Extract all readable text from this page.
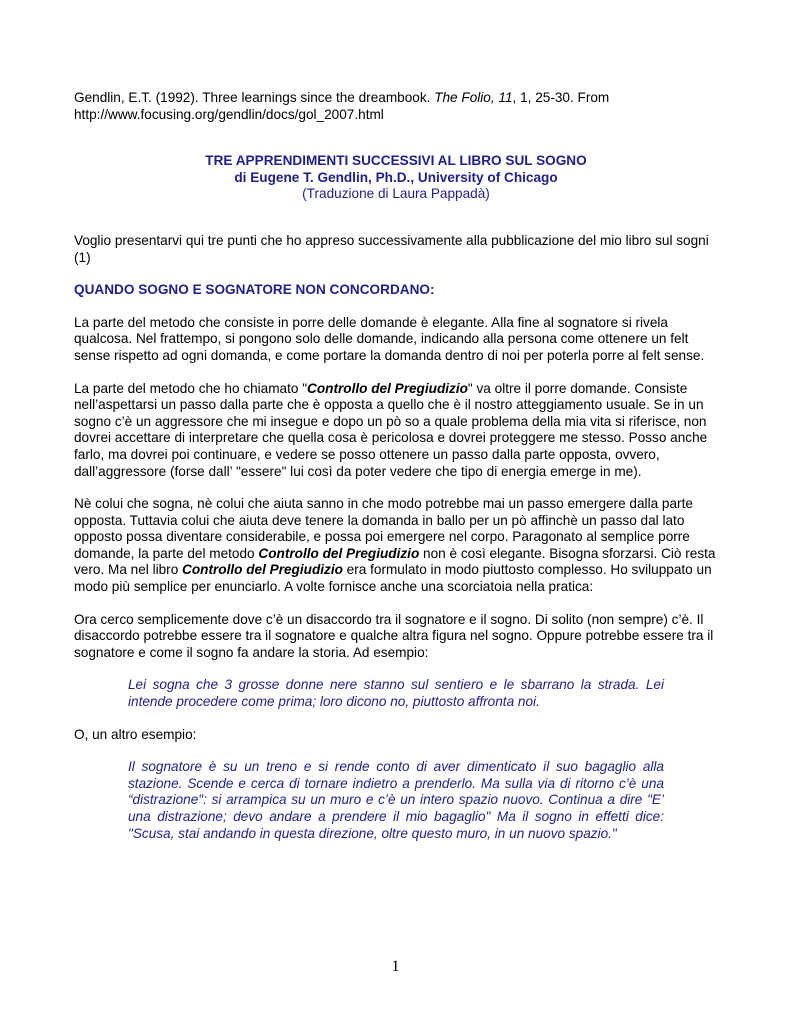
Gendlin, E.T. (1992). Three learnings since the dreambook. The Folio, 11, 1, 25-30. From http://www.focusing.org/gendlin/docs/gol_2007.html

TRE APPRENDIMENTI SUCCESSIVI AL LIBRO SUL SOGNO

di Eugene T. Gendlin, Ph.D., University of Chicago

(Traduzione di Laura Pappadà)

Voglio presentarvi qui tre punti che ho appreso successivamente alla pubblicazione del mio libro sul sogni (1)

QUANDO SOGNO E SOGNATORE NON CONCORDANO:

La parte del metodo che consiste in porre delle domande è elegante. Alla fine al sognatore si rivela qualcosa. Nel frattempo, si pongono solo delle domande, indicando alla persona come ottenere un felt sense rispetto ad ogni domanda, e come portare la domanda dentro di noi per poterla porre al felt sense.

La parte del metodo che ho chiamato "Controllo del Pregiudizio" va oltre il porre domande. Consiste nell’aspettarsi un passo dalla parte che è opposta a quello che è il nostro atteggiamento usuale. Se in un sogno c’è un aggressore che mi insegue e dopo un pò so a quale problema della mia vita si riferisce, non dovrei accettare di interpretare che quella cosa è pericolosa e dovrei proteggere me stesso. Posso anche farlo, ma dovrei poi continuare, e vedere se posso ottenere un passo dalla parte opposta, ovvero, dall’aggressore (forse dall’ "essere" lui così da poter vedere che tipo di energia emerge in me).

Nè colui che sogna, nè colui che aiuta sanno in che modo potrebbe mai un passo emergere dalla parte opposta. Tuttavia colui che aiuta deve tenere la domanda in ballo per un pò affinchè un passo dal lato opposto possa diventare considerabile, e possa poi emergere nel corpo. Paragonato al semplice porre domande, la parte del metodo Controllo del Pregiudizio non è così elegante. Bisogna sforzarsi. Ciò resta vero. Ma nel libro Controllo del Pregiudizio era formulato in modo piuttosto complesso. Ho sviluppato un modo più semplice per enunciarlo. A volte fornisce anche una scorciatoia nella pratica:

Ora cerco semplicemente dove c’è un disaccordo tra il sognatore e il sogno. Di solito (non sempre) c’è. Il disaccordo potrebbe essere tra il sognatore e qualche altra figura nel sogno. Oppure potrebbe essere tra il sognatore e come il sogno fa andare la storia. Ad esempio:

Lei sogna che 3 grosse donne nere stanno sul sentiero e le sbarrano la strada. Lei intende procedere come prima; loro dicono no, piuttosto affronta noi.

O, un altro esempio:

Il sognatore è su un treno e si rende conto di aver dimenticato il suo bagaglio alla stazione. Scende e cerca di tornare indietro a prenderlo. Ma sulla via di ritorno c’è una “distrazione": si arrampica su un muro e c’è un intero spazio nuovo. Continua a dire "E’ una distrazione; devo andare a prendere il mio bagaglio" Ma il sogno in effetti dice: "Scusa, stai andando in questa direzione, oltre questo muro, in un nuovo spazio."

1
